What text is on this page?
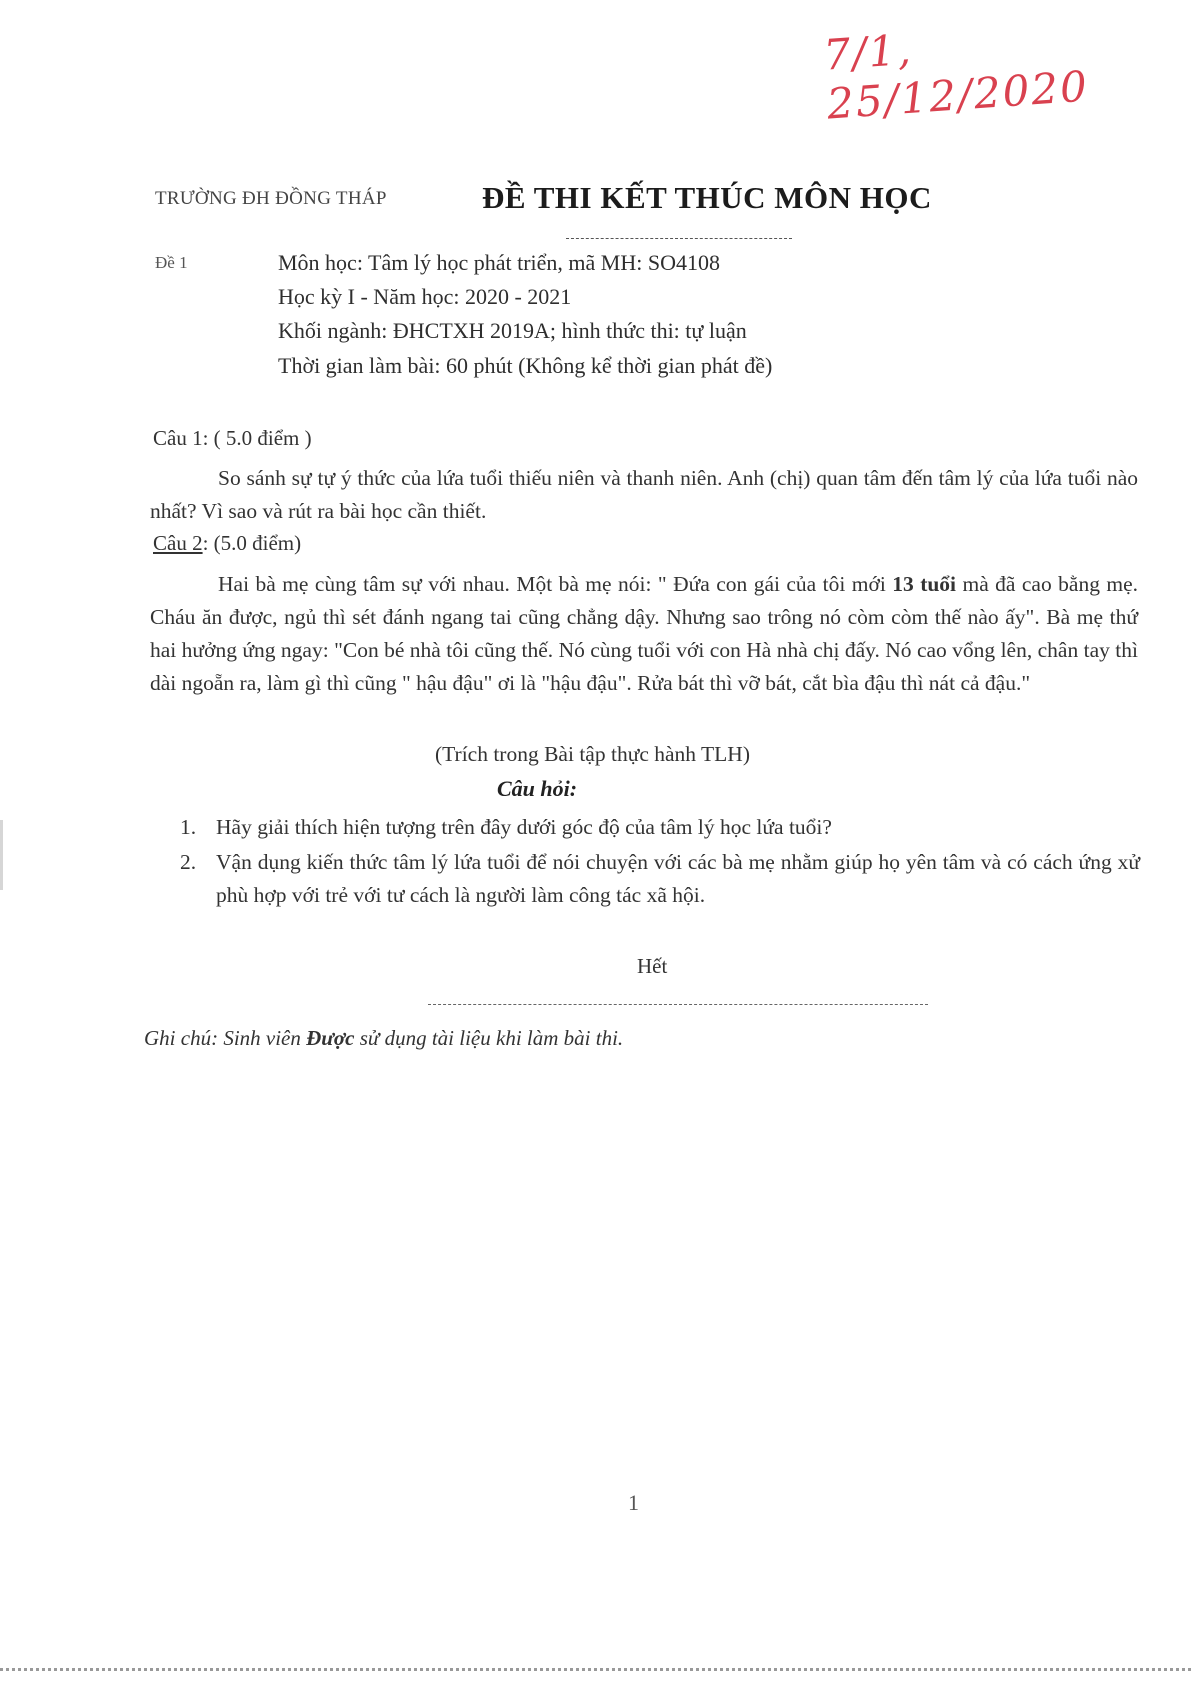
7/1, 25/12/2020
TRƯỜNG ĐH ĐỒNG THÁP	ĐỀ THI KẾT THÚC MÔN HỌC
Đề 1	Môn học: Tâm lý học phát triển, mã MH: SO4108
Học kỳ I - Năm học: 2020 - 2021
Khối ngành: ĐHCTXH 2019A; hình thức thi: tự luận
Thời gian làm bài: 60 phút (Không kể thời gian phát đề)
Câu 1: ( 5.0 điểm )
So sánh sự tự ý thức của lứa tuổi thiếu niên và thanh niên. Anh (chị) quan tâm đến tâm lý của lứa tuổi nào nhất? Vì sao và rút ra bài học cần thiết.
Câu 2: (5.0 điểm)
Hai bà mẹ cùng tâm sự với nhau. Một bà mẹ nói: " Đứa con gái của tôi mới 13 tuổi mà đã cao bằng mẹ. Cháu ăn được, ngủ thì sét đánh ngang tai cũng chẳng dậy. Nhưng sao trông nó còm còm thế nào ấy". Bà mẹ thứ hai hưởng ứng ngay: "Con bé nhà tôi cũng thế. Nó cùng tuổi với con Hà nhà chị đấy. Nó cao vổng lên, chân tay thì dài ngoẵn ra, làm gì thì cũng " hậu đậu" ơi là "hậu đậu". Rửa bát thì vỡ bát, cắt bìa đậu thì nát cả đậu."
(Trích trong Bài tập thực hành TLH)
Câu hỏi:
1. Hãy giải thích hiện tượng trên đây dưới góc độ của tâm lý học lứa tuổi?
2. Vận dụng kiến thức tâm lý lứa tuổi để nói chuyện với các bà mẹ nhằm giúp họ yên tâm và có cách ứng xử phù hợp với trẻ với tư cách là người làm công tác xã hội.
Hết
Ghi chú: Sinh viên Được sử dụng tài liệu khi làm bài thi.
1
